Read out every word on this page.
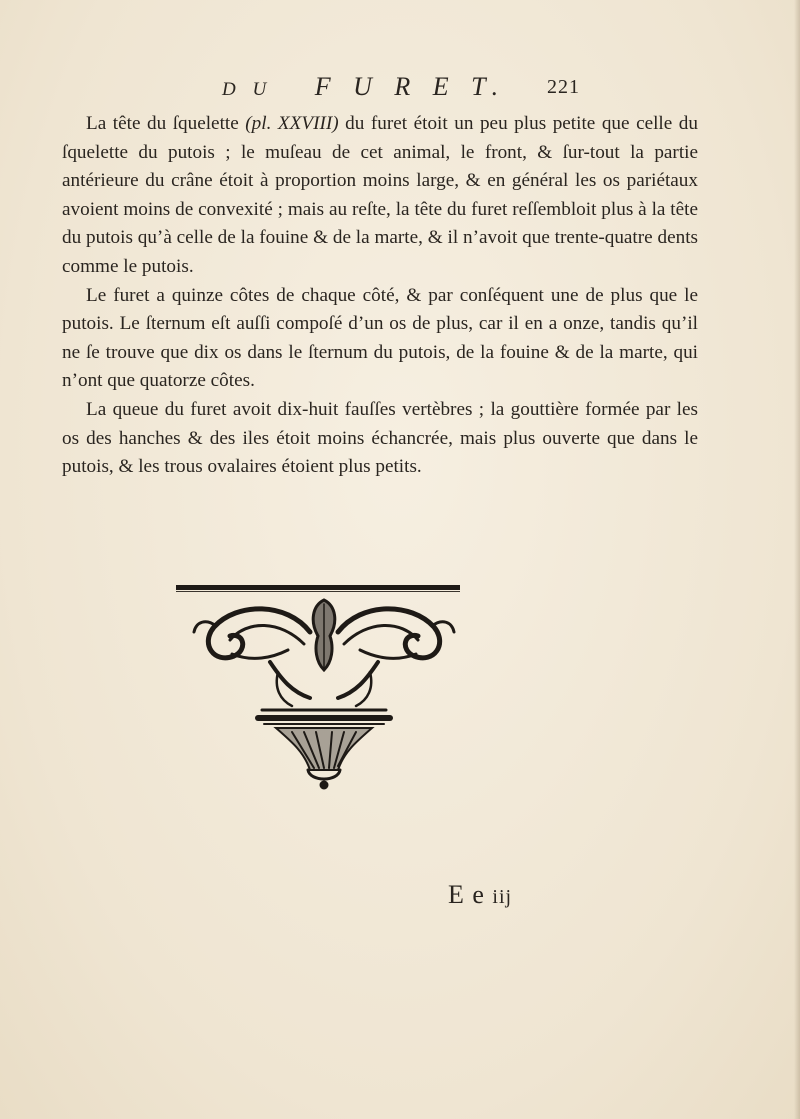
D U F U R E T. 221

La tête du ſquelette (pl. XXVIII) du furet étoit un peu plus petite que celle du ſquelette du putois ; le muſeau de cet animal, le front, & ſur-tout la partie antérieure du crâne étoit à proportion moins large, & en général les os pariétaux avoient moins de convexité ; mais au reſte, la tête du furet reſſembloit plus à la tête du putois qu’à celle de la fouine & de la marte, & il n’avoit que trente-quatre dents comme le putois.

Le furet a quinze côtes de chaque côté, & par conſéquent une de plus que le putois. Le ſternum eſt auſſi compoſé d’un os de plus, car il en a onze, tandis qu’il ne ſe trouve que dix os dans le ſternum du putois, de la fouine & de la marte, qui n’ont que quatorze côtes.

La queue du furet avoit dix-huit fauſſes vertèbres ; la gouttière formée par les os des hanches & des iles étoit moins échancrée, mais plus ouverte que dans le putois, & les trous ovalaires étoient plus petits.

E e iij
